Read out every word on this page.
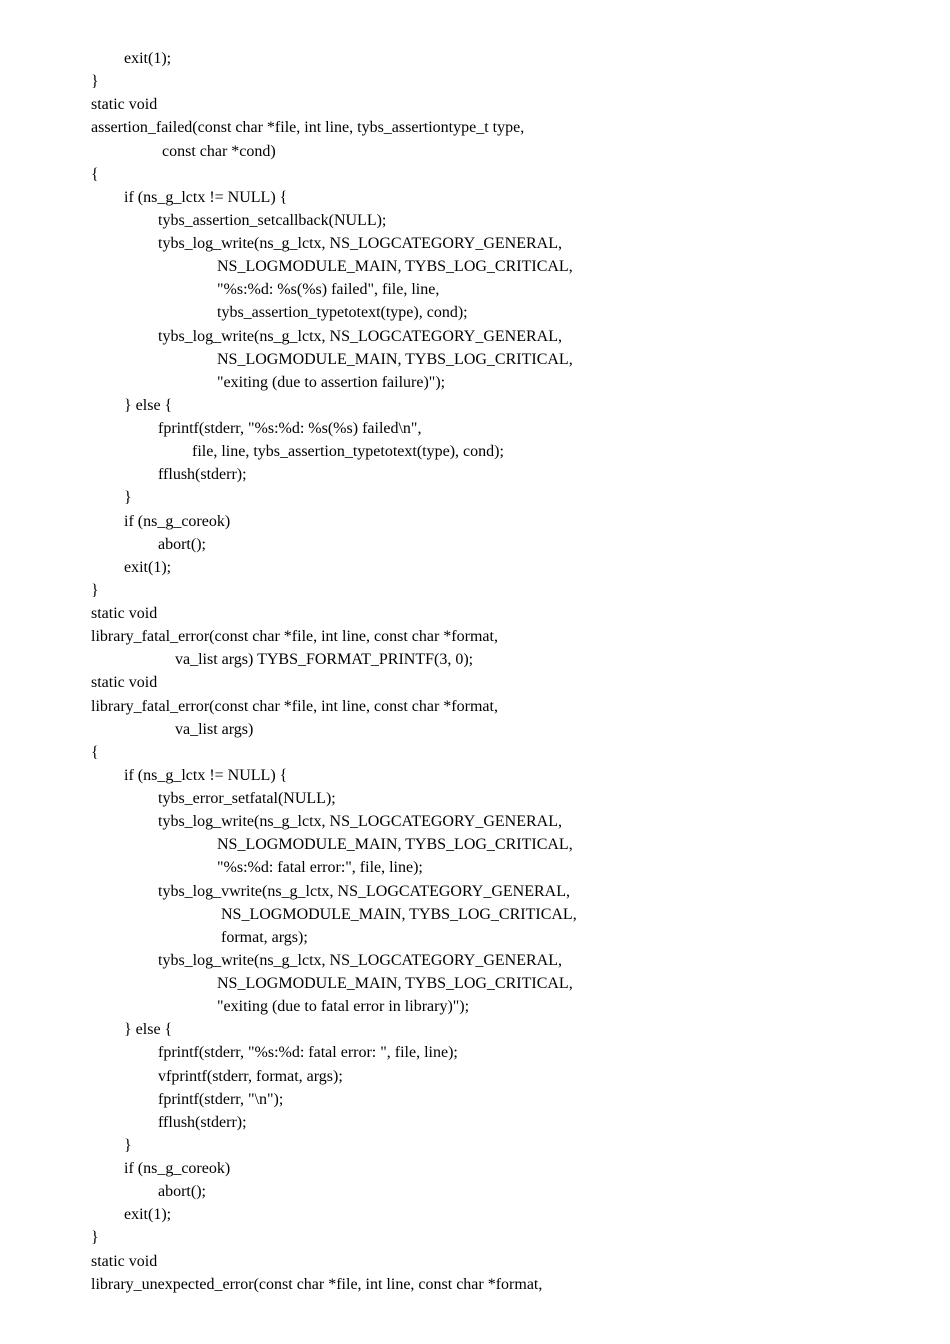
exit(1);
}
static void
assertion_failed(const char *file, int line, tybs_assertiontype_t type,
const char *cond)
{
if (ns_g_lctx != NULL) {
tybs_assertion_setcallback(NULL);
tybs_log_write(ns_g_lctx, NS_LOGCATEGORY_GENERAL,
NS_LOGMODULE_MAIN, TYBS_LOG_CRITICAL,
"%s:%d: %s(%s) failed", file, line,
tybs_assertion_typetotext(type), cond);
tybs_log_write(ns_g_lctx, NS_LOGCATEGORY_GENERAL,
NS_LOGMODULE_MAIN, TYBS_LOG_CRITICAL,
"exiting (due to assertion failure)");
} else {
fprintf(stderr, "%s:%d: %s(%s) failed\n",
file, line, tybs_assertion_typetotext(type), cond);
fflush(stderr);
}
if (ns_g_coreok)
abort();
exit(1);
}
static void
library_fatal_error(const char *file, int line, const char *format,
va_list args) TYBS_FORMAT_PRINTF(3, 0);
static void
library_fatal_error(const char *file, int line, const char *format,
va_list args)
{
if (ns_g_lctx != NULL) {
tybs_error_setfatal(NULL);
tybs_log_write(ns_g_lctx, NS_LOGCATEGORY_GENERAL,
NS_LOGMODULE_MAIN, TYBS_LOG_CRITICAL,
"%s:%d: fatal error:", file, line);
tybs_log_vwrite(ns_g_lctx, NS_LOGCATEGORY_GENERAL,
NS_LOGMODULE_MAIN, TYBS_LOG_CRITICAL,
format, args);
tybs_log_write(ns_g_lctx, NS_LOGCATEGORY_GENERAL,
NS_LOGMODULE_MAIN, TYBS_LOG_CRITICAL,
"exiting (due to fatal error in library)");
} else {
fprintf(stderr, "%s:%d: fatal error: ", file, line);
vfprintf(stderr, format, args);
fprintf(stderr, "\n");
fflush(stderr);
}
if (ns_g_coreok)
abort();
exit(1);
}
static void
library_unexpected_error(const char *file, int line, const char *format,
